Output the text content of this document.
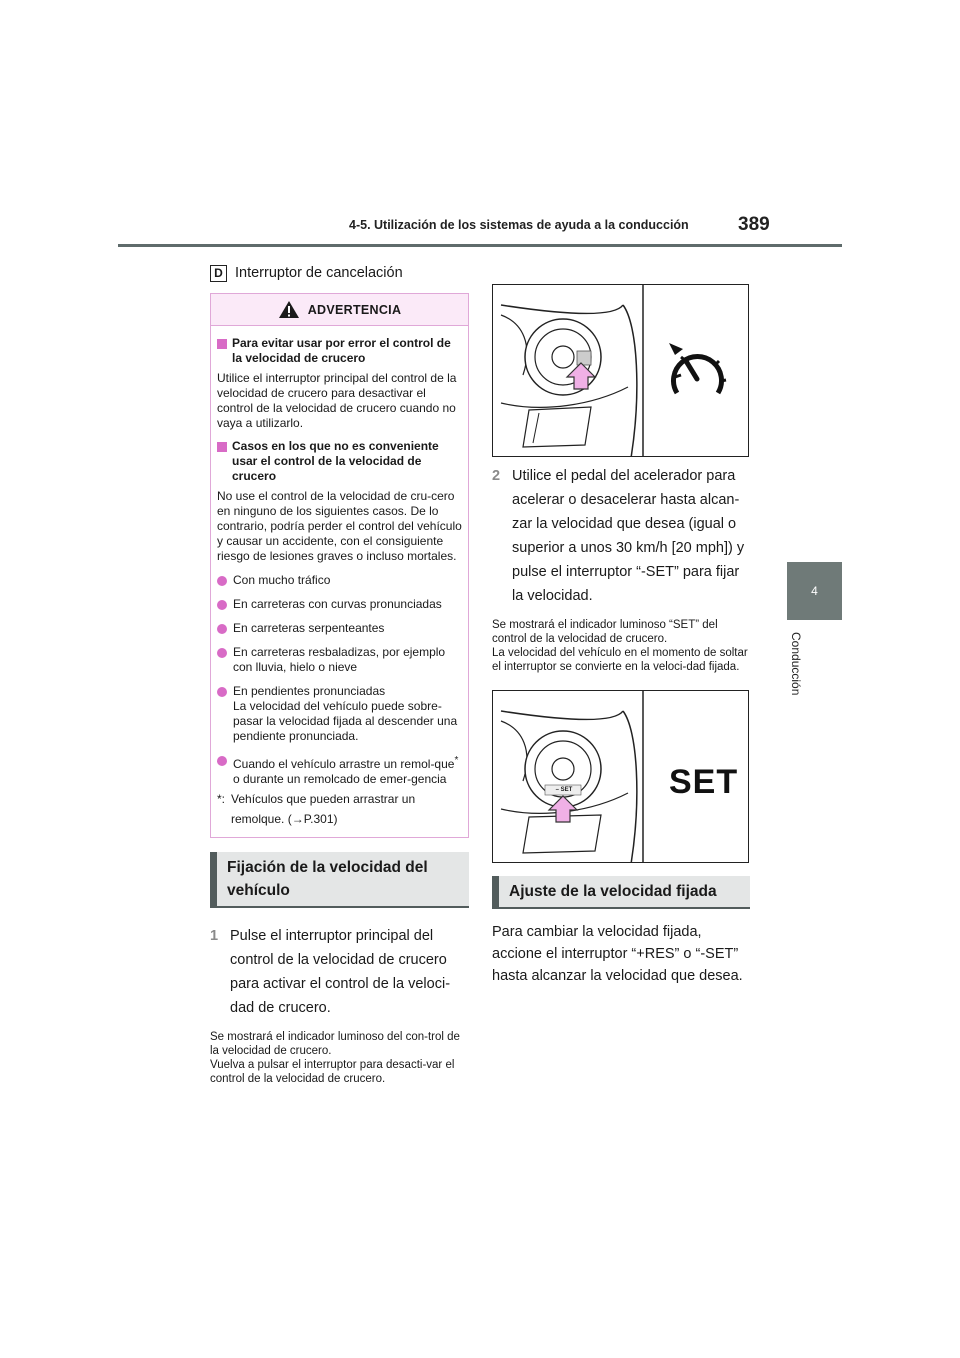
4-5. Utilización de los sistemas de ayuda a la conducción	389
4
Conducción
D Interruptor de cancelación
ADVERTENCIA
Para evitar usar por error el control de la velocidad de crucero
Utilice el interruptor principal del control de la velocidad de crucero para desactivar el control de la velocidad de crucero cuando no vaya a utilizarlo.
Casos en los que no es conveniente usar el control de la velocidad de crucero
No use el control de la velocidad de cru-cero en ninguno de los siguientes casos. De lo contrario, podría perder el control del vehículo y causar un accidente, con el consiguiente riesgo de lesiones graves o incluso mortales.
Con mucho tráfico
En carreteras con curvas pronunciadas
En carreteras serpenteantes
En carreteras resbaladizas, por ejemplo con lluvia, hielo o nieve
En pendientes pronunciadas
La velocidad del vehículo puede sobre-pasar la velocidad fijada al descender una pendiente pronunciada.
Cuando el vehículo arrastre un remol-que* o durante un remolcado de emer-gencia
*: Vehículos que pueden arrastrar un remolque. (→P.301)
Fijación de la velocidad del vehículo
1 Pulse el interruptor principal del control de la velocidad de crucero para activar el control de la veloci-dad de crucero.
Se mostrará el indicador luminoso del con-trol de la velocidad de crucero.
Vuelva a pulsar el interruptor para desacti-var el control de la velocidad de crucero.
2 Utilice el pedal del acelerador para acelerar o desacelerar hasta alcan-zar la velocidad que desea (igual o superior a unos 30 km/h [20 mph]) y pulse el interruptor “-SET” para fijar la velocidad.
Se mostrará el indicador luminoso “SET” del control de la velocidad de crucero.
La velocidad del vehículo en el momento de soltar el interruptor se convierte en la veloci-dad fijada.
– SET	SET
Ajuste de la velocidad fijada
Para cambiar la velocidad fijada, accione el interruptor “+RES” o “-SET” hasta alcanzar la velocidad que desea.
